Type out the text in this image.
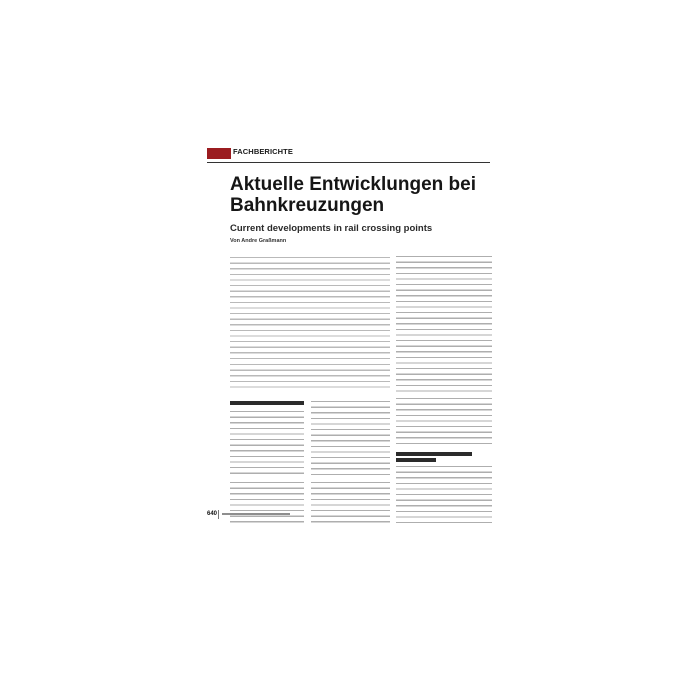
FACHBERICHTE
Aktuelle Entwicklungen bei Bahnkreuzungen
Current developments in rail crossing points
Von Andre Graßmann
640
